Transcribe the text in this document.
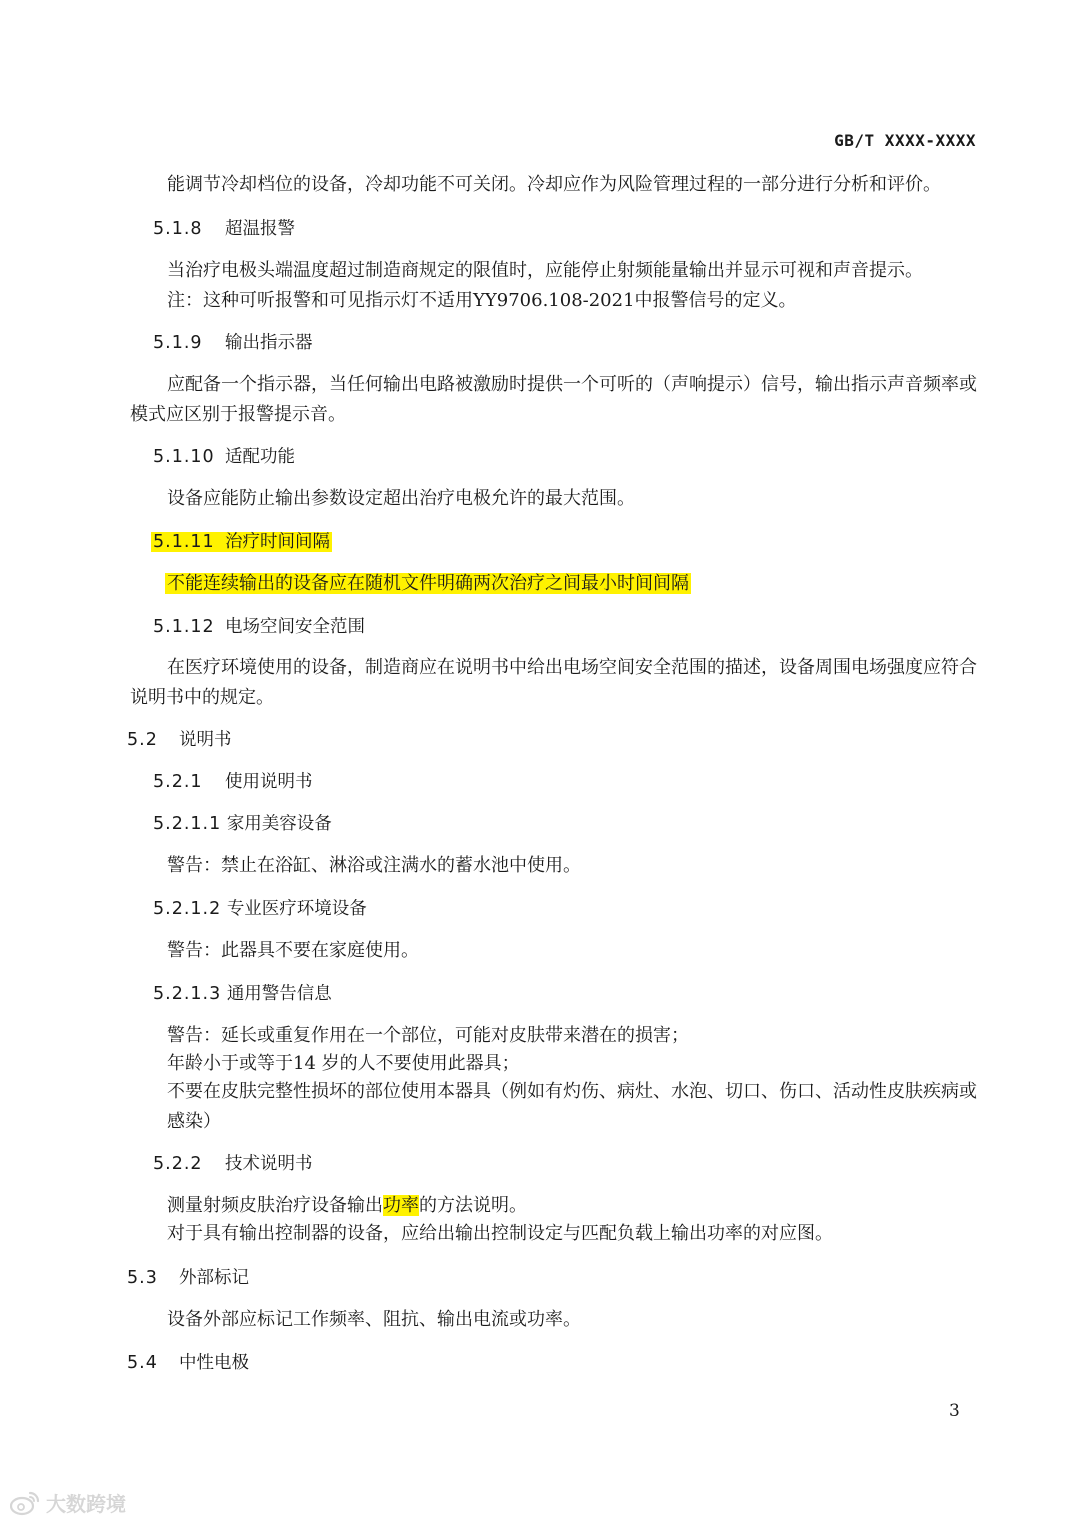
GB/T XXXX-XXXX
能调节冷却档位的设备，冷却功能不可关闭。冷却应作为风险管理过程的一部分进行分析和评价。
5.1.8 超温报警
当治疗电极头端温度超过制造商规定的限值时，应能停止射频能量输出并显示可视和声音提示。
注：这种可听报警和可见指示灯不适用YY9706.108-2021中报警信号的定义。
5.1.9 输出指示器
应配备一个指示器，当任何输出电路被激励时提供一个可听的（声响提示）信号，输出指示声音频率或模式应区别于报警提示音。
5.1.10 适配功能
设备应能防止输出参数设定超出治疗电极允许的最大范围。
5.1.11 治疗时间间隔
不能连续输出的设备应在随机文件明确两次治疗之间最小时间间隔
5.1.12 电场空间安全范围
在医疗环境使用的设备，制造商应在说明书中给出电场空间安全范围的描述，设备周围电场强度应符合说明书中的规定。
5.2 说明书
5.2.1 使用说明书
5.2.1.1 家用美容设备
警告：禁止在浴缸、淋浴或注满水的蓄水池中使用。
5.2.1.2 专业医疗环境设备
警告：此器具不要在家庭使用。
5.2.1.3 通用警告信息
警告：延长或重复作用在一个部位，可能对皮肤带来潜在的损害；
年龄小于或等于14 岁的人不要使用此器具；
不要在皮肤完整性损坏的部位使用本器具（例如有灼伤、病灶、水泡、切口、伤口、活动性皮肤疾病或感染）
5.2.2 技术说明书
测量射频皮肤治疗设备输出功率的方法说明。
对于具有输出控制器的设备，应给出输出控制设定与匹配负载上输出功率的对应图。
5.3 外部标记
设备外部应标记工作频率、阻抗、输出电流或功率。
5.4 中性电极
3
大数跨境
